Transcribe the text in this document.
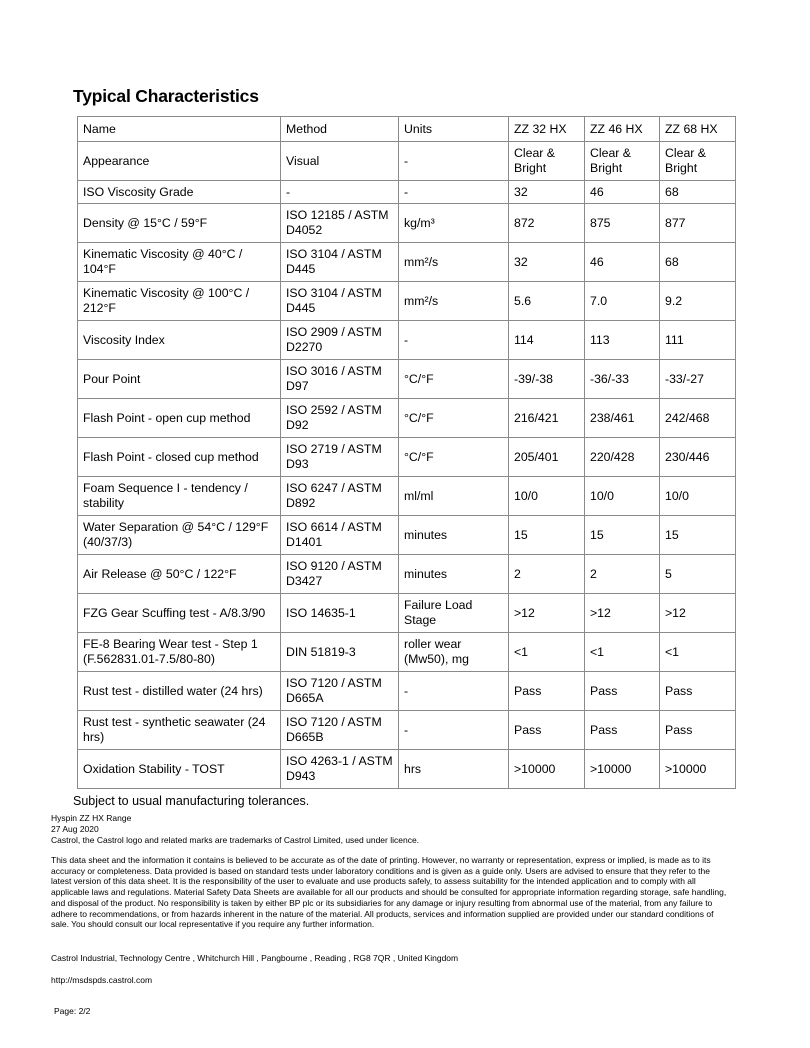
Typical Characteristics
Name	Method	Units	ZZ 32 HX	ZZ 46 HX	ZZ 68 HX
Appearance	Visual	-	Clear & Bright	Clear & Bright	Clear & Bright
ISO Viscosity Grade	-	-	32	46	68
Density @ 15°C / 59°F	ISO 12185 / ASTM D4052	kg/m³	872	875	877
Kinematic Viscosity @ 40°C / 104°F	ISO 3104 / ASTM D445	mm²/s	32	46	68
Kinematic Viscosity @ 100°C / 212°F	ISO 3104 / ASTM D445	mm²/s	5.6	7.0	9.2
Viscosity Index	ISO 2909 / ASTM D2270	-	114	113	111
Pour Point	ISO 3016 / ASTM D97	°C/°F	-39/-38	-36/-33	-33/-27
Flash Point - open cup method	ISO 2592 / ASTM D92	°C/°F	216/421	238/461	242/468
Flash Point - closed cup method	ISO 2719 / ASTM D93	°C/°F	205/401	220/428	230/446
Foam Sequence I - tendency / stability	ISO 6247 / ASTM D892	ml/ml	10/0	10/0	10/0
Water Separation @ 54°C / 129°F (40/37/3)	ISO 6614 / ASTM D1401	minutes	15	15	15
Air Release @ 50°C / 122°F	ISO 9120 / ASTM D3427	minutes	2	2	5
FZG Gear Scuffing test - A/8.3/90	ISO 14635-1	Failure Load Stage	>12	>12	>12
FE-8 Bearing Wear test - Step 1 (F.562831.01-7.5/80-80)	DIN 51819-3	roller wear (Mw50), mg	<1	<1	<1
Rust test - distilled water (24 hrs)	ISO 7120 / ASTM D665A	-	Pass	Pass	Pass
Rust test - synthetic seawater (24 hrs)	ISO 7120 / ASTM D665B	-	Pass	Pass	Pass
Oxidation Stability - TOST	ISO 4263-1 / ASTM D943	hrs	>10000	>10000	>10000
Subject to usual manufacturing tolerances.
Hyspin ZZ HX Range
27 Aug 2020
Castrol, the Castrol logo and related marks are trademarks of Castrol Limited, used under licence.
This data sheet and the information it contains is believed to be accurate as of the date of printing. However, no warranty or representation, express or implied, is made as to its accuracy or completeness. Data provided is based on standard tests under laboratory conditions and is given as a guide only. Users are advised to ensure that they refer to the latest version of this data sheet. It is the responsibility of the user to evaluate and use products safely, to assess suitability for the intended application and to comply with all applicable laws and regulations. Material Safety Data Sheets are available for all our products and should be consulted for appropriate information regarding storage, safe handling, and disposal of the product. No responsibility is taken by either BP plc or its subsidiaries for any damage or injury resulting from abnormal use of the material, from any failure to adhere to recommendations, or from hazards inherent in the nature of the material. All products, services and information supplied are provided under our standard conditions of sale. You should consult our local representative if you require any further information.
Castrol Industrial, Technology Centre , Whitchurch Hill , Pangbourne , Reading , RG8 7QR , United Kingdom
http://msdspds.castrol.com
Page: 2/2
